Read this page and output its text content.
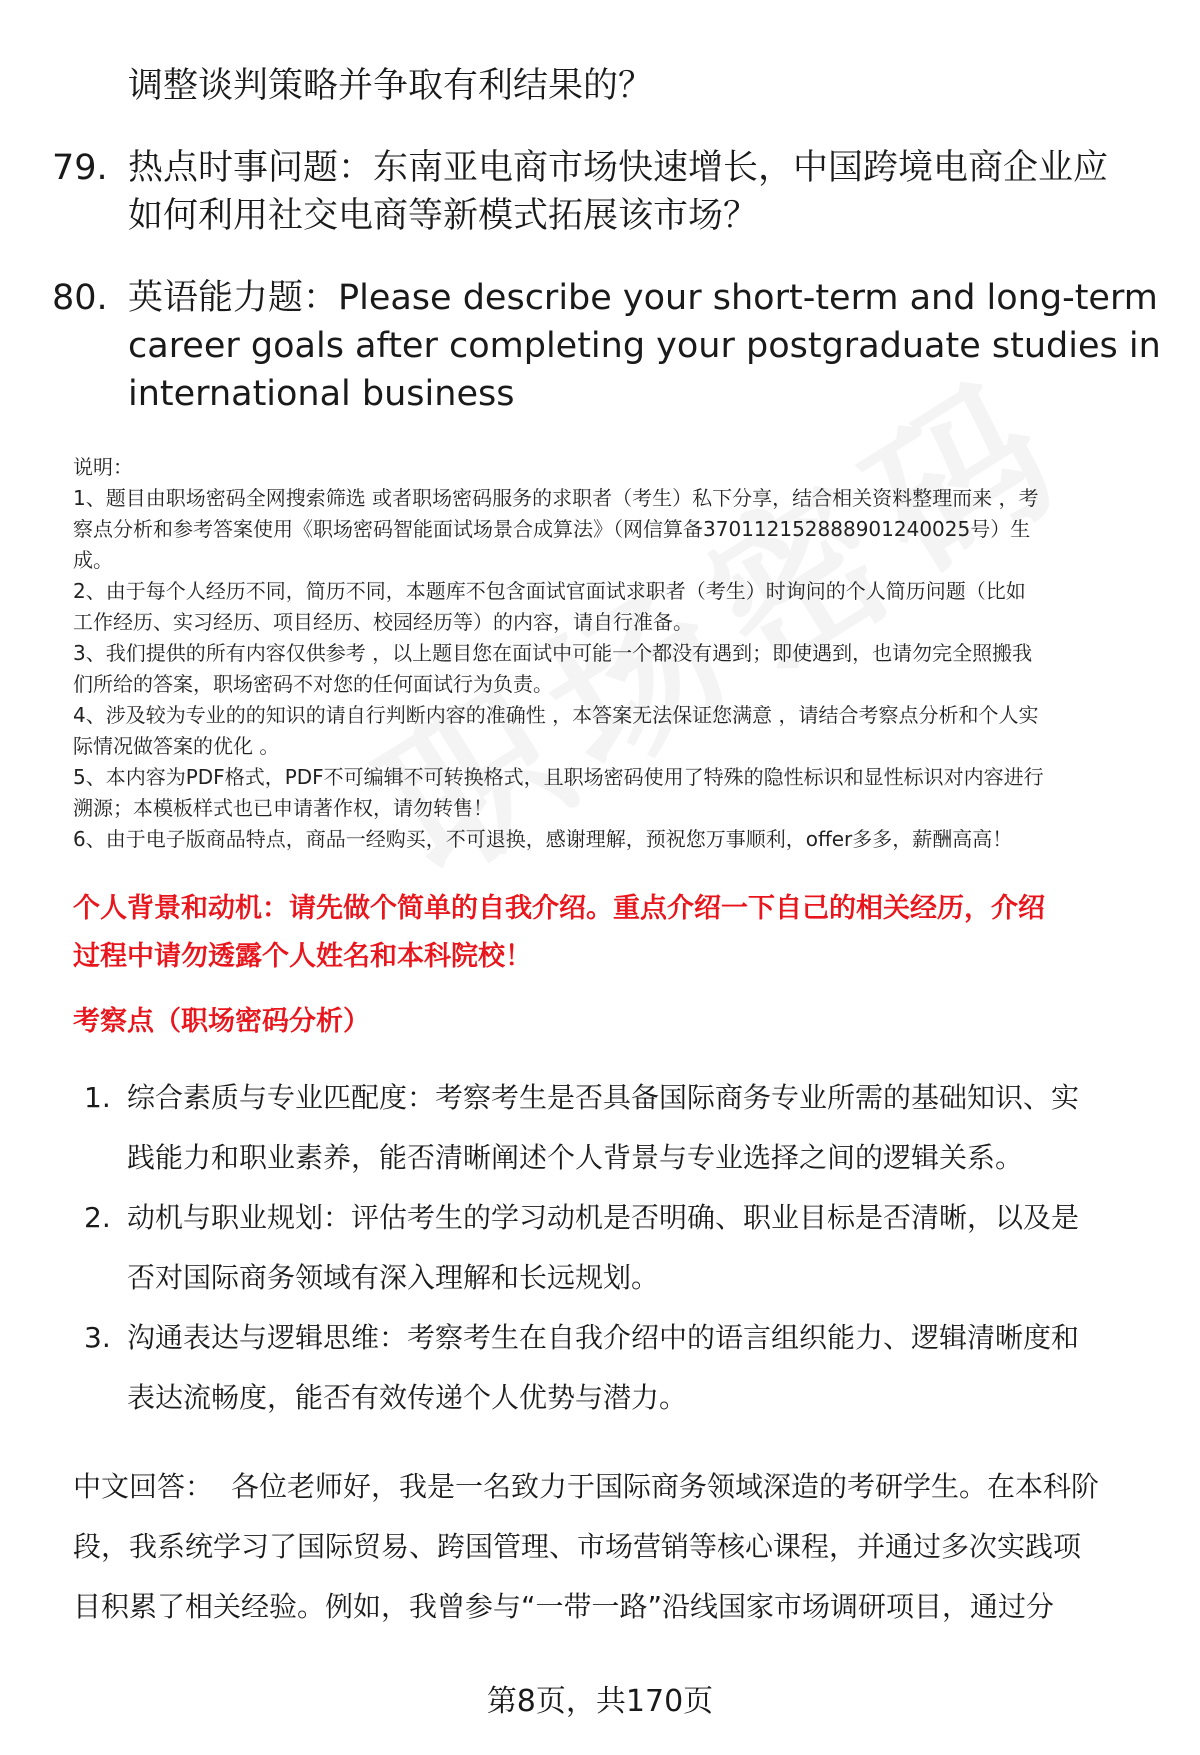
调整谈判策略并争取有利结果的？
79. 热点时事问题：东南亚电商市场快速增长，中国跨境电商企业应
如何利用社交电商等新模式拓展该市场？
80. 英语能力题：Please describe your short-term and long-term
career goals after completing your postgraduate studies in
international business

说明：

1、题目由职场密码全网搜索筛选 或者职场密码服务的求职者（考生）私下分享，结合相关资料整理而来 ，考

察点分析和参考答案使用《职场密码智能面试场景合成算法》（网信算备370112152888901240025号）生

成。

2、由于每个人经历不同，简历不同，本题库不包含面试官面试求职者（考生）时询问的个人简历问题（比如

工作经历、实习经历、项目经历、校园经历等）的内容，请自行准备。

3、我们提供的所有内容仅供参考 ，以上题目您在面试中可能一个都没有遇到；即使遇到，也请勿完全照搬我

们所给的答案，职场密码不对您的任何面试行为负责。

4、涉及较为专业的的知识的请自行判断内容的准确性 ，本答案无法保证您满意 ，请结合考察点分析和个人实

际情况做答案的优化 。

5、本内容为PDF格式，PDF不可编辑不可转换格式，且职场密码使用了特殊的隐性标识和显性标识对内容进行

溯源；本模板样式也已申请著作权，请勿转售！

6、由于电子版商品特点，商品一经购买，不可退换，感谢理解，预祝您万事顺利，offer多多，薪酬高高！

个人背景和动机：请先做个简单的自我介绍。重点介绍一下自己的相关经历，介绍
过程中请勿透露个人姓名和本科院校！
考察点（职场密码分析）
1. 综合素质与专业匹配度：考察考生是否具备国际商务专业所需的基础知识、实
践能力和职业素养，能否清晰阐述个人背景与专业选择之间的逻辑关系。
2. 动机与职业规划：评估考生的学习动机是否明确、职业目标是否清晰，以及是
否对国际商务领域有深入理解和长远规划。
3. 沟通表达与逻辑思维：考察考生在自我介绍中的语言组织能力、逻辑清晰度和
表达流畅度，能否有效传递个人优势与潜力。
中文回答： 各位老师好，我是一名致力于国际商务领域深造的考研学生。在本科阶
段，我系统学习了国际贸易、跨国管理、市场营销等核心课程，并通过多次实践项
目积累了相关经验。例如，我曾参与“一带一路”沿线国家市场调研项目，通过分
第8页，共170页
